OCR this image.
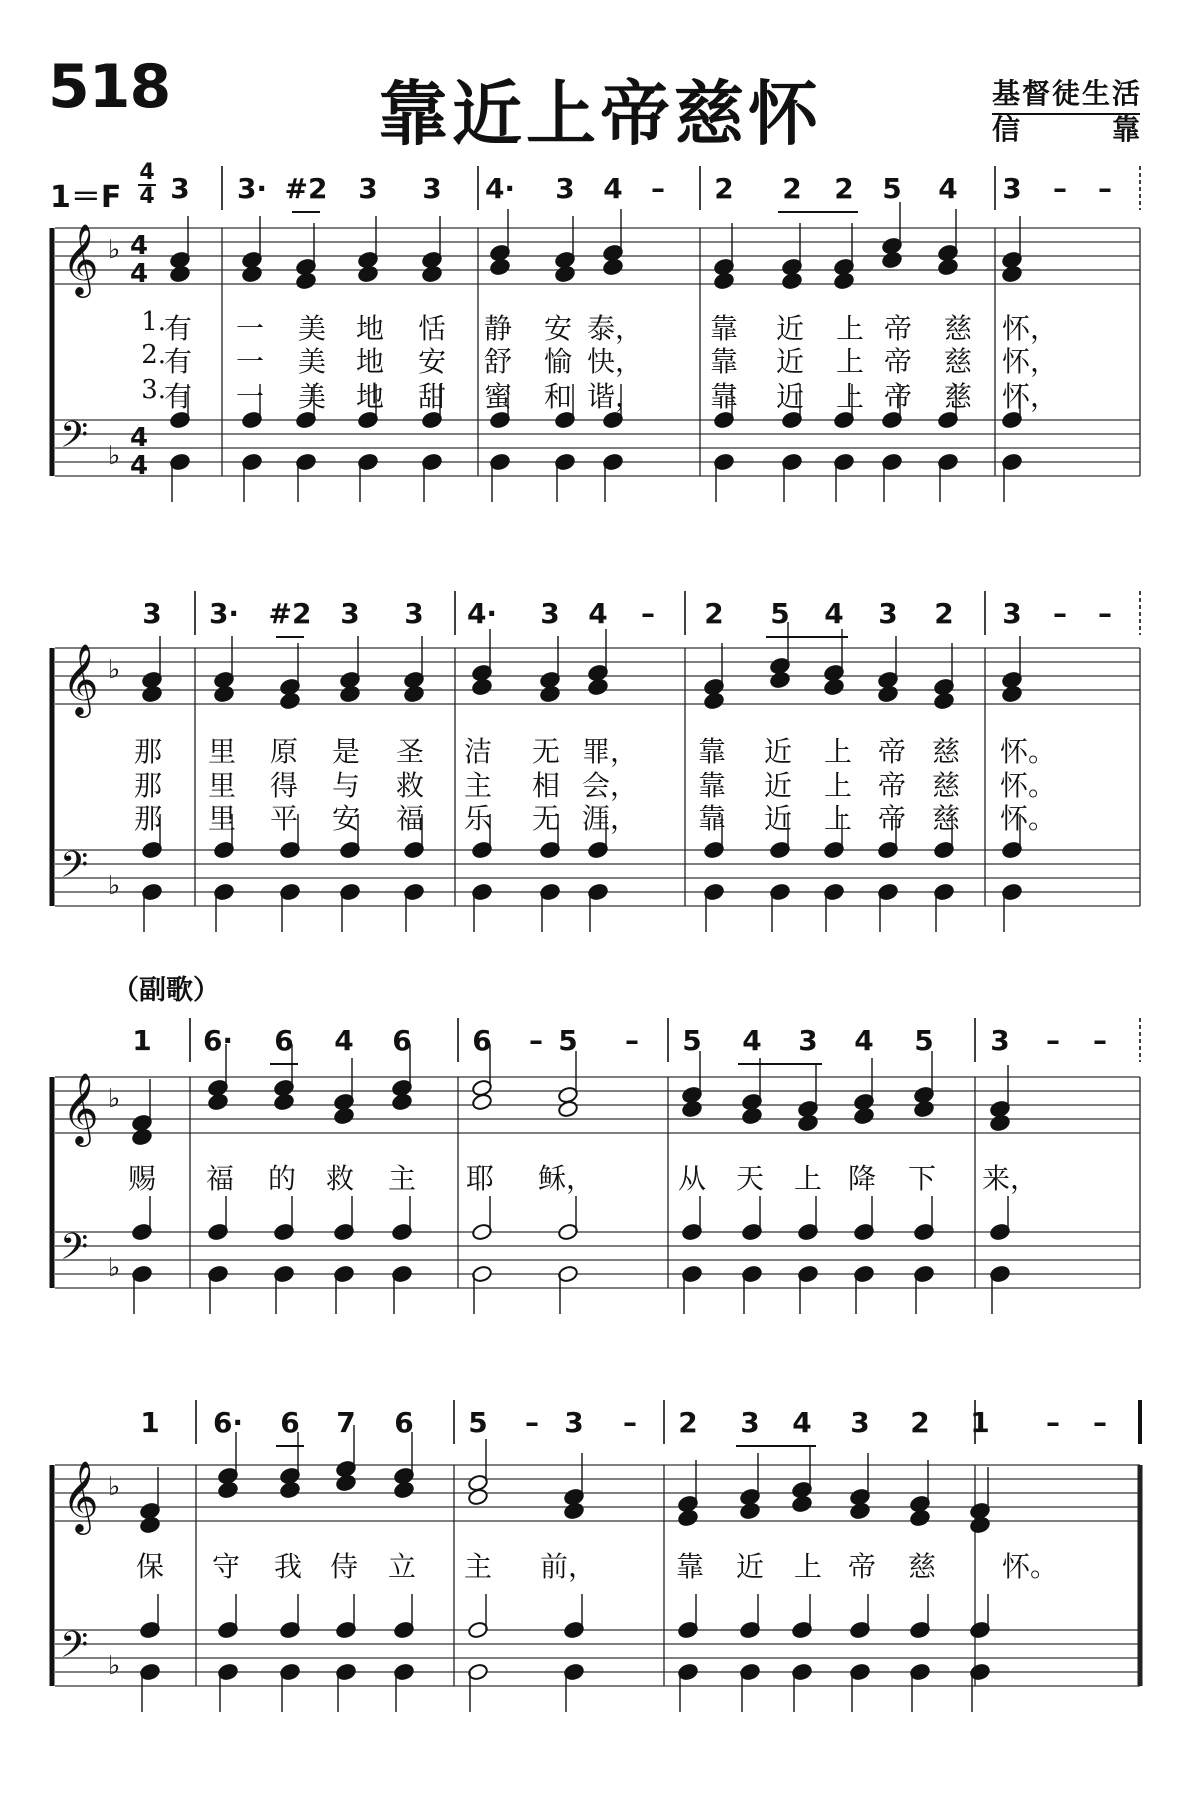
518	靠近上帝慈怀	基督徒生活
信　靠
1＝F
4
4
（副歌）
𝄞 ♭ 4
4
𝄢 ♭
4
4
𝄞 ♭
𝄢 ♭
𝄞 ♭
𝄢 ♭
𝄞 ♭
𝄢 ♭
3 3· #2 3 3 4· 3 4 – 2 2 2 5 4 3 – –
1.
有 一 美 地 恬 静 安 泰， 靠 近 上 帝 慈 怀，
2.
有 一 美 地 安 舒 愉 快， 靠 近 上 帝 慈 怀，
3.
有 一 美 地 甜 蜜 和 谐， 靠 近 上 帝 慈 怀，
3 3· #2 3 3 4· 3 4 – 2 5 4 3 2 3 – –
那 里 原 是 圣 洁 无 罪， 靠 近 上 帝 慈 怀。
那 里 得 与 救 主 相 会， 靠 近 上 帝 慈 怀。
那 里 平 安 福 乐 无 涯， 靠 近 上 帝 慈 怀。
1 6· 6 4 6 6 – 5 – 5 4 3 4 5 3 – –
赐 福 的 救 主 耶 稣，	从 天 上 降 下 来，
1 6· 6 7 6 5 – 3 – 2 3 4 3 2 1 – –
保 守 我 侍 立 主 前，	靠 近 上 帝 慈 怀。
